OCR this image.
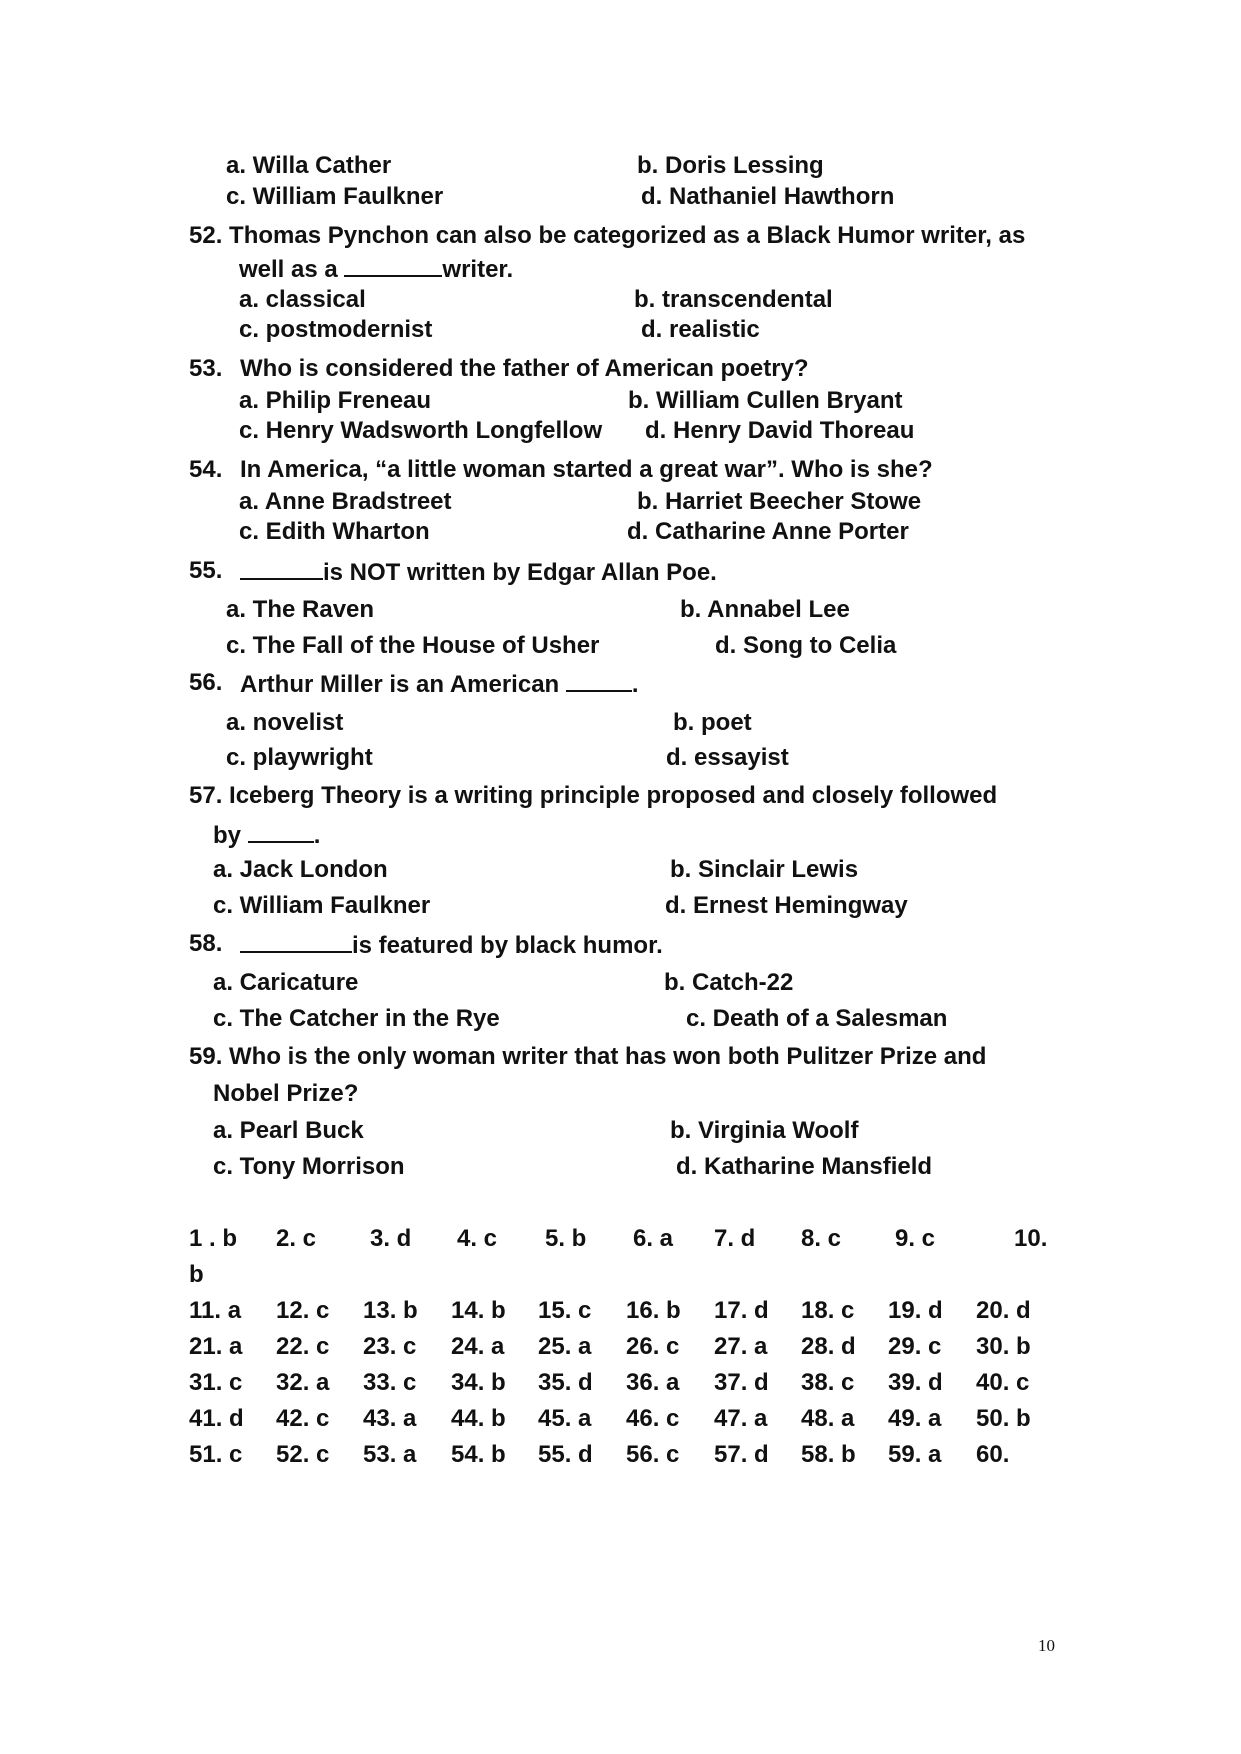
a. Willa Cather	b. Doris Lessing
c. William Faulkner	d. Nathaniel Hawthorn
52. Thomas Pynchon can also be categorized as a Black Humor writer, as
well as a	writer.
a. classical	b. transcendental
c. postmodernist	d. realistic
53. Who is considered the father of American poetry?
a. Philip Freneau	b. William Cullen Bryant
c. Henry Wadsworth Longfellow d. Henry David Thoreau
54. In America, “a little woman started a great war”. Who is she?
a. Anne Bradstreet	b. Harriet Beecher Stowe
c. Edith Wharton	d. Catharine Anne Porter
55.	is NOT written by Edgar Allan Poe.
a. The Raven	b. Annabel Lee
c. The Fall of the House of Usher	d. Song to Celia
56. Arthur Miller is an American	.
a. novelist	b. poet
c. playwright	d. essayist
57. Iceberg Theory is a writing principle proposed and closely followed
by	.
a. Jack London	b. Sinclair Lewis
c. William Faulkner	d. Ernest Hemingway
58.	is featured by black humor.
a. Caricature	b. Catch-22
c. The Catcher in the Rye	c. Death of a Salesman
59. Who is the only woman writer that has won both Pulitzer Prize and
Nobel Prize?
a. Pearl Buck	b. Virginia Woolf
c. Tony Morrison	d. Katharine Mansfield
1 . b 2. c 3. d 4. c 5. b 6. a 7. d 8. c 9. c	10.
b
11. a 12. c 13. b 14. b 15. c 16. b 17. d 18. c 19. d 20. d
21. a 22. c 23. c 24. a 25. a 26. c 27. a 28. d 29. c 30. b
31. c 32. a 33. c 34. b 35. d 36. a 37. d 38. c 39. d 40. c
41. d 42. c 43. a 44. b 45. a 46. c 47. a 48. a 49. a 50. b
51. c 52. c 53. a 54. b 55. d 56. c 57. d 58. b 59. a 60.
10
